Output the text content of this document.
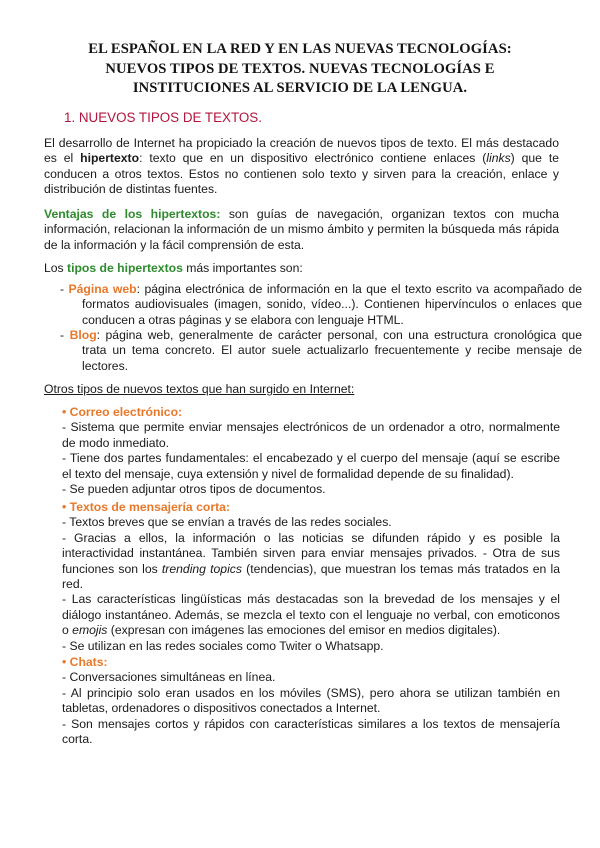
EL ESPAÑOL EN LA RED Y EN LAS NUEVAS TECNOLOGÍAS:
NUEVOS TIPOS DE TEXTOS. NUEVAS TECNOLOGÍAS E
INSTITUCIONES AL SERVICIO DE LA LENGUA.
1. NUEVOS TIPOS DE TEXTOS.
El desarrollo de Internet ha propiciado la creación de nuevos tipos de texto. El más destacado es el hipertexto: texto que en un dispositivo electrónico contiene enlaces (links) que te conducen a otros textos. Estos no contienen solo texto y sirven para la creación, enlace y distribución de distintas fuentes.
Ventajas de los hipertextos: son guías de navegación, organizan textos con mucha información, relacionan la información de un mismo ámbito y permiten la búsqueda más rápida de la información y la fácil comprensión de esta.
Los tipos de hipertextos más importantes son:
- Página web: página electrónica de información en la que el texto escrito va acompañado de formatos audiovisuales (imagen, sonido, vídeo...). Contienen hipervínculos o enlaces que conducen a otras páginas y se elabora con lenguaje HTML.
- Blog: página web, generalmente de carácter personal, con una estructura cronológica que trata un tema concreto. El autor suele actualizarlo frecuentemente y recibe mensaje de lectores.
Otros tipos de nuevos textos que han surgido en Internet:
• Correo electrónico:
- Sistema que permite enviar mensajes electrónicos de un ordenador a otro, normalmente de modo inmediato.
- Tiene dos partes fundamentales: el encabezado y el cuerpo del mensaje (aquí se escribe el texto del mensaje, cuya extensión y nivel de formalidad depende de su finalidad).
- Se pueden adjuntar otros tipos de documentos.
• Textos de mensajería corta:
- Textos breves que se envían a través de las redes sociales.
- Gracias a ellos, la información o las noticias se difunden rápido y es posible la interactividad instantánea. También sirven para enviar mensajes privados. - Otra de sus funciones son los trending topics (tendencias), que muestran los temas más tratados en la red.
- Las características lingüísticas más destacadas son la brevedad de los mensajes y el diálogo instantáneo. Además, se mezcla el texto con el lenguaje no verbal, con emoticonos o emojis (expresan con imágenes las emociones del emisor en medios digitales).
- Se utilizan en las redes sociales como Twiter o Whatsapp.
• Chats:
- Conversaciones simultáneas en línea.
- Al principio solo eran usados en los móviles (SMS), pero ahora se utilizan también en tabletas, ordenadores o dispositivos conectados a Internet.
- Son mensajes cortos y rápidos con características similares a los textos de mensajería corta.
